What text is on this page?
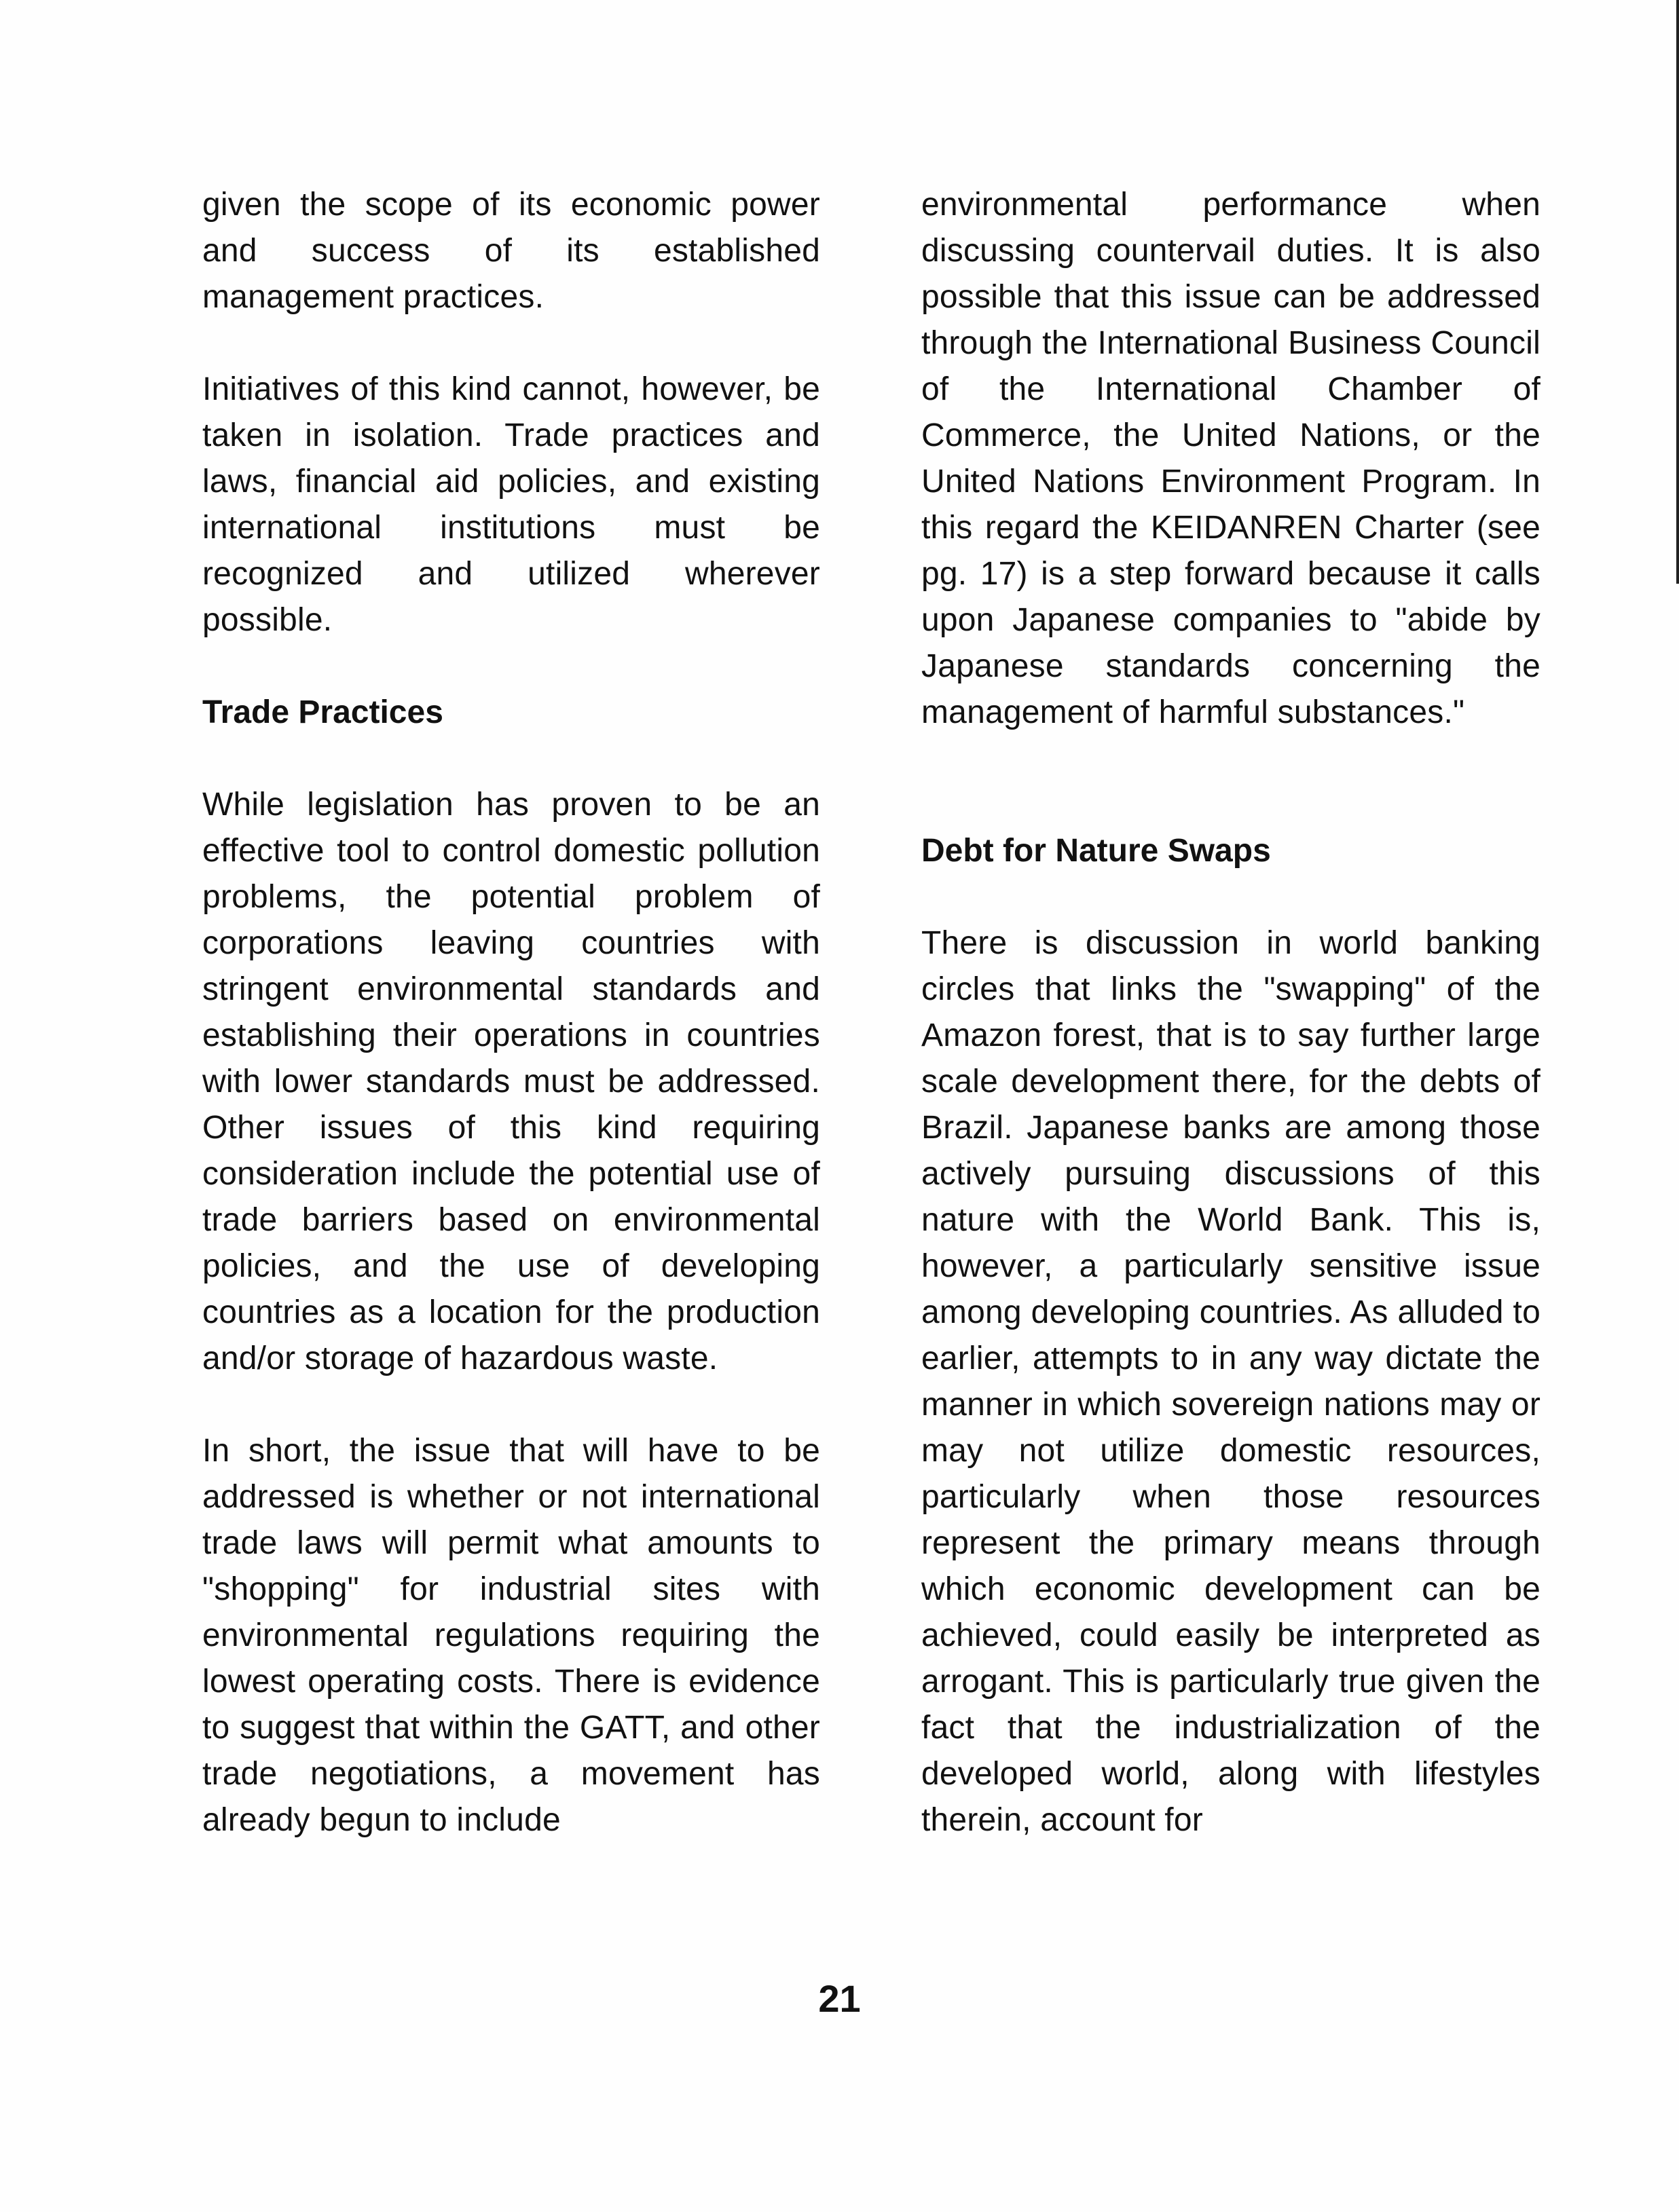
given the scope of its economic power and success of its established management practices.

Initiatives of this kind cannot, however, be taken in isolation. Trade practices and laws, financial aid policies, and existing international institutions must be recognized and utilized wherever possible.

Trade Practices

While legislation has proven to be an effective tool to control domestic pollution problems, the potential problem of corporations leaving countries with stringent environmental standards and establishing their operations in countries with lower standards must be addressed. Other issues of this kind requiring consideration include the potential use of trade barriers based on environmental policies, and the use of developing countries as a location for the production and/or storage of hazardous waste.

In short, the issue that will have to be addressed is whether or not international trade laws will permit what amounts to "shopping" for industrial sites with environmental regulations requiring the lowest operating costs. There is evidence to suggest that within the GATT, and other trade negotiations, a movement has already begun to include

environmental performance when discussing countervail duties. It is also possible that this issue can be addressed through the International Business Council of the International Chamber of Commerce, the United Nations, or the United Nations Environment Program. In this regard the KEIDANREN Charter (see pg. 17) is a step forward because it calls upon Japanese companies to "abide by Japanese standards concerning the management of harmful substances."

Debt for Nature Swaps

There is discussion in world banking circles that links the "swapping" of the Amazon forest, that is to say further large scale development there, for the debts of Brazil. Japanese banks are among those actively pursuing discussions of this nature with the World Bank. This is, however, a particularly sensitive issue among developing countries. As alluded to earlier, attempts to in any way dictate the manner in which sovereign nations may or may not utilize domestic resources, particularly when those resources represent the primary means through which economic development can be achieved, could easily be interpreted as arrogant. This is particularly true given the fact that the industrialization of the developed world, along with lifestyles therein, account for

21
